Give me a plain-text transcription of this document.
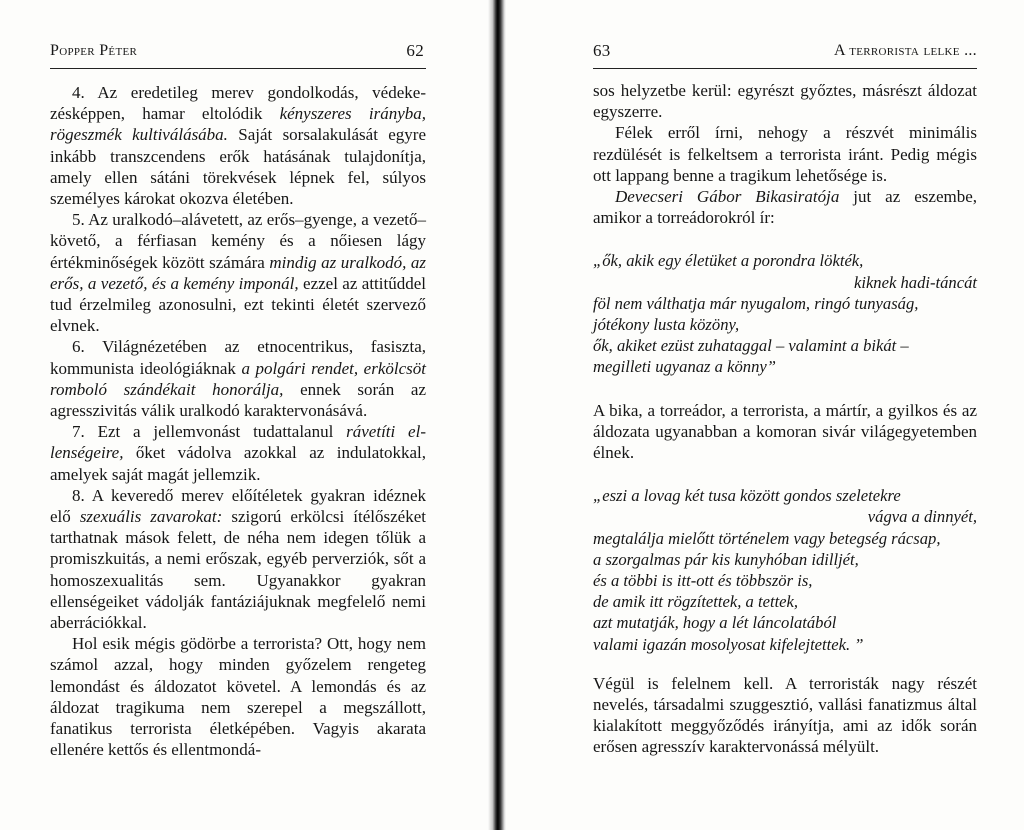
Popper Péter	62

4. Az eredetileg merev gondolkodás, védekezésképpen, hamar eltolódik kényszeres irányba, rögeszmék kultiválásába. Saját sorsalakulását egyre inkább transzcendens erők hatásának tulajdonítja, amely ellen sátáni törekvések lépnek fel, súlyos személyes károkat okozva életében.

5. Az uralkodó–alávetett, az erős–gyenge, a vezető–követő, a férfiasan kemény és a nőiesen lágy értékminőségek között számára mindig az uralkodó, az erős, a vezető, és a kemény imponál, ezzel az attitűddel tud érzelmileg azonosulni, ezt tekinti életét szervező elvnek.

6. Világnézetében az etnocentrikus, fasiszta, kommunista ideológiáknak a polgári rendet, erkölcsöt romboló szándékait honorálja, ennek során az agresszivitás válik uralkodó karaktervonásává.

7. Ezt a jellemvonást tudattalanul rávetíti ellenségeire, őket vádolva azokkal az indulatokkal, amelyek saját magát jellemzik.

8. A keveredő merev előítéletek gyakran idéznek elő szexuális zavarokat: szigorú erkölcsi ítélőszéket tarthatnak mások felett, de néha nem idegen tőlük a promiszkuitás, a nemi erőszak, egyéb perverziók, sőt a homoszexualitás sem. Ugyanakkor gyakran ellenségeiket vádolják fantáziájuknak megfelelő nemi aberrációkkal.

Hol esik mégis gödörbe a terrorista? Ott, hogy nem számol azzal, hogy minden győzelem rengeteg lemondást és áldozatot követel. A lemondás és az áldozat tragikuma nem szerepel a megszállott, fanatikus terrorista életképében. Vagyis akarata ellenére kettős és ellentmondá-

63	A terrorista lelke ...

sos helyzetbe kerül: egyrészt győztes, másrészt áldozat egyszerre.

Félek erről írni, nehogy a részvét minimális rezdülését is felkeltsem a terrorista iránt. Pedig mégis ott lappang benne a tragikum lehetősége is.

Devecseri Gábor Bikasiratója jut az eszembe, amikor a torreádorokról ír:

„ők, akik egy életüket a porondra lökték,
kiknek hadi-táncát
föl nem válthatja már nyugalom, ringó tunyaság,
jótékony lusta közöny,
ők, akiket ezüst zuhataggal – valamint a bikát –
megilleti ugyanaz a könny”

A bika, a torreádor, a terrorista, a mártír, a gyilkos és az áldozata ugyanabban a komoran sivár világegyetemben élnek.

„eszi a lovag két tusa között gondos szeletekre
vágva a dinnyét,
megtalálja mielőtt történelem vagy betegség rácsap,
a szorgalmas pár kis kunyhóban idilljét,
és a többi is itt-ott és többször is,
de amik itt rögzítettek, a tettek,
azt mutatják, hogy a lét láncolatából
valami igazán mosolyosat kifelejtettek. ”

Végül is felelnem kell. A terroristák nagy részét nevelés, társadalmi szuggesztió, vallási fanatizmus által kialakított meggyőződés irányítja, ami az idők során erősen agresszív karaktervonássá mélyült.
